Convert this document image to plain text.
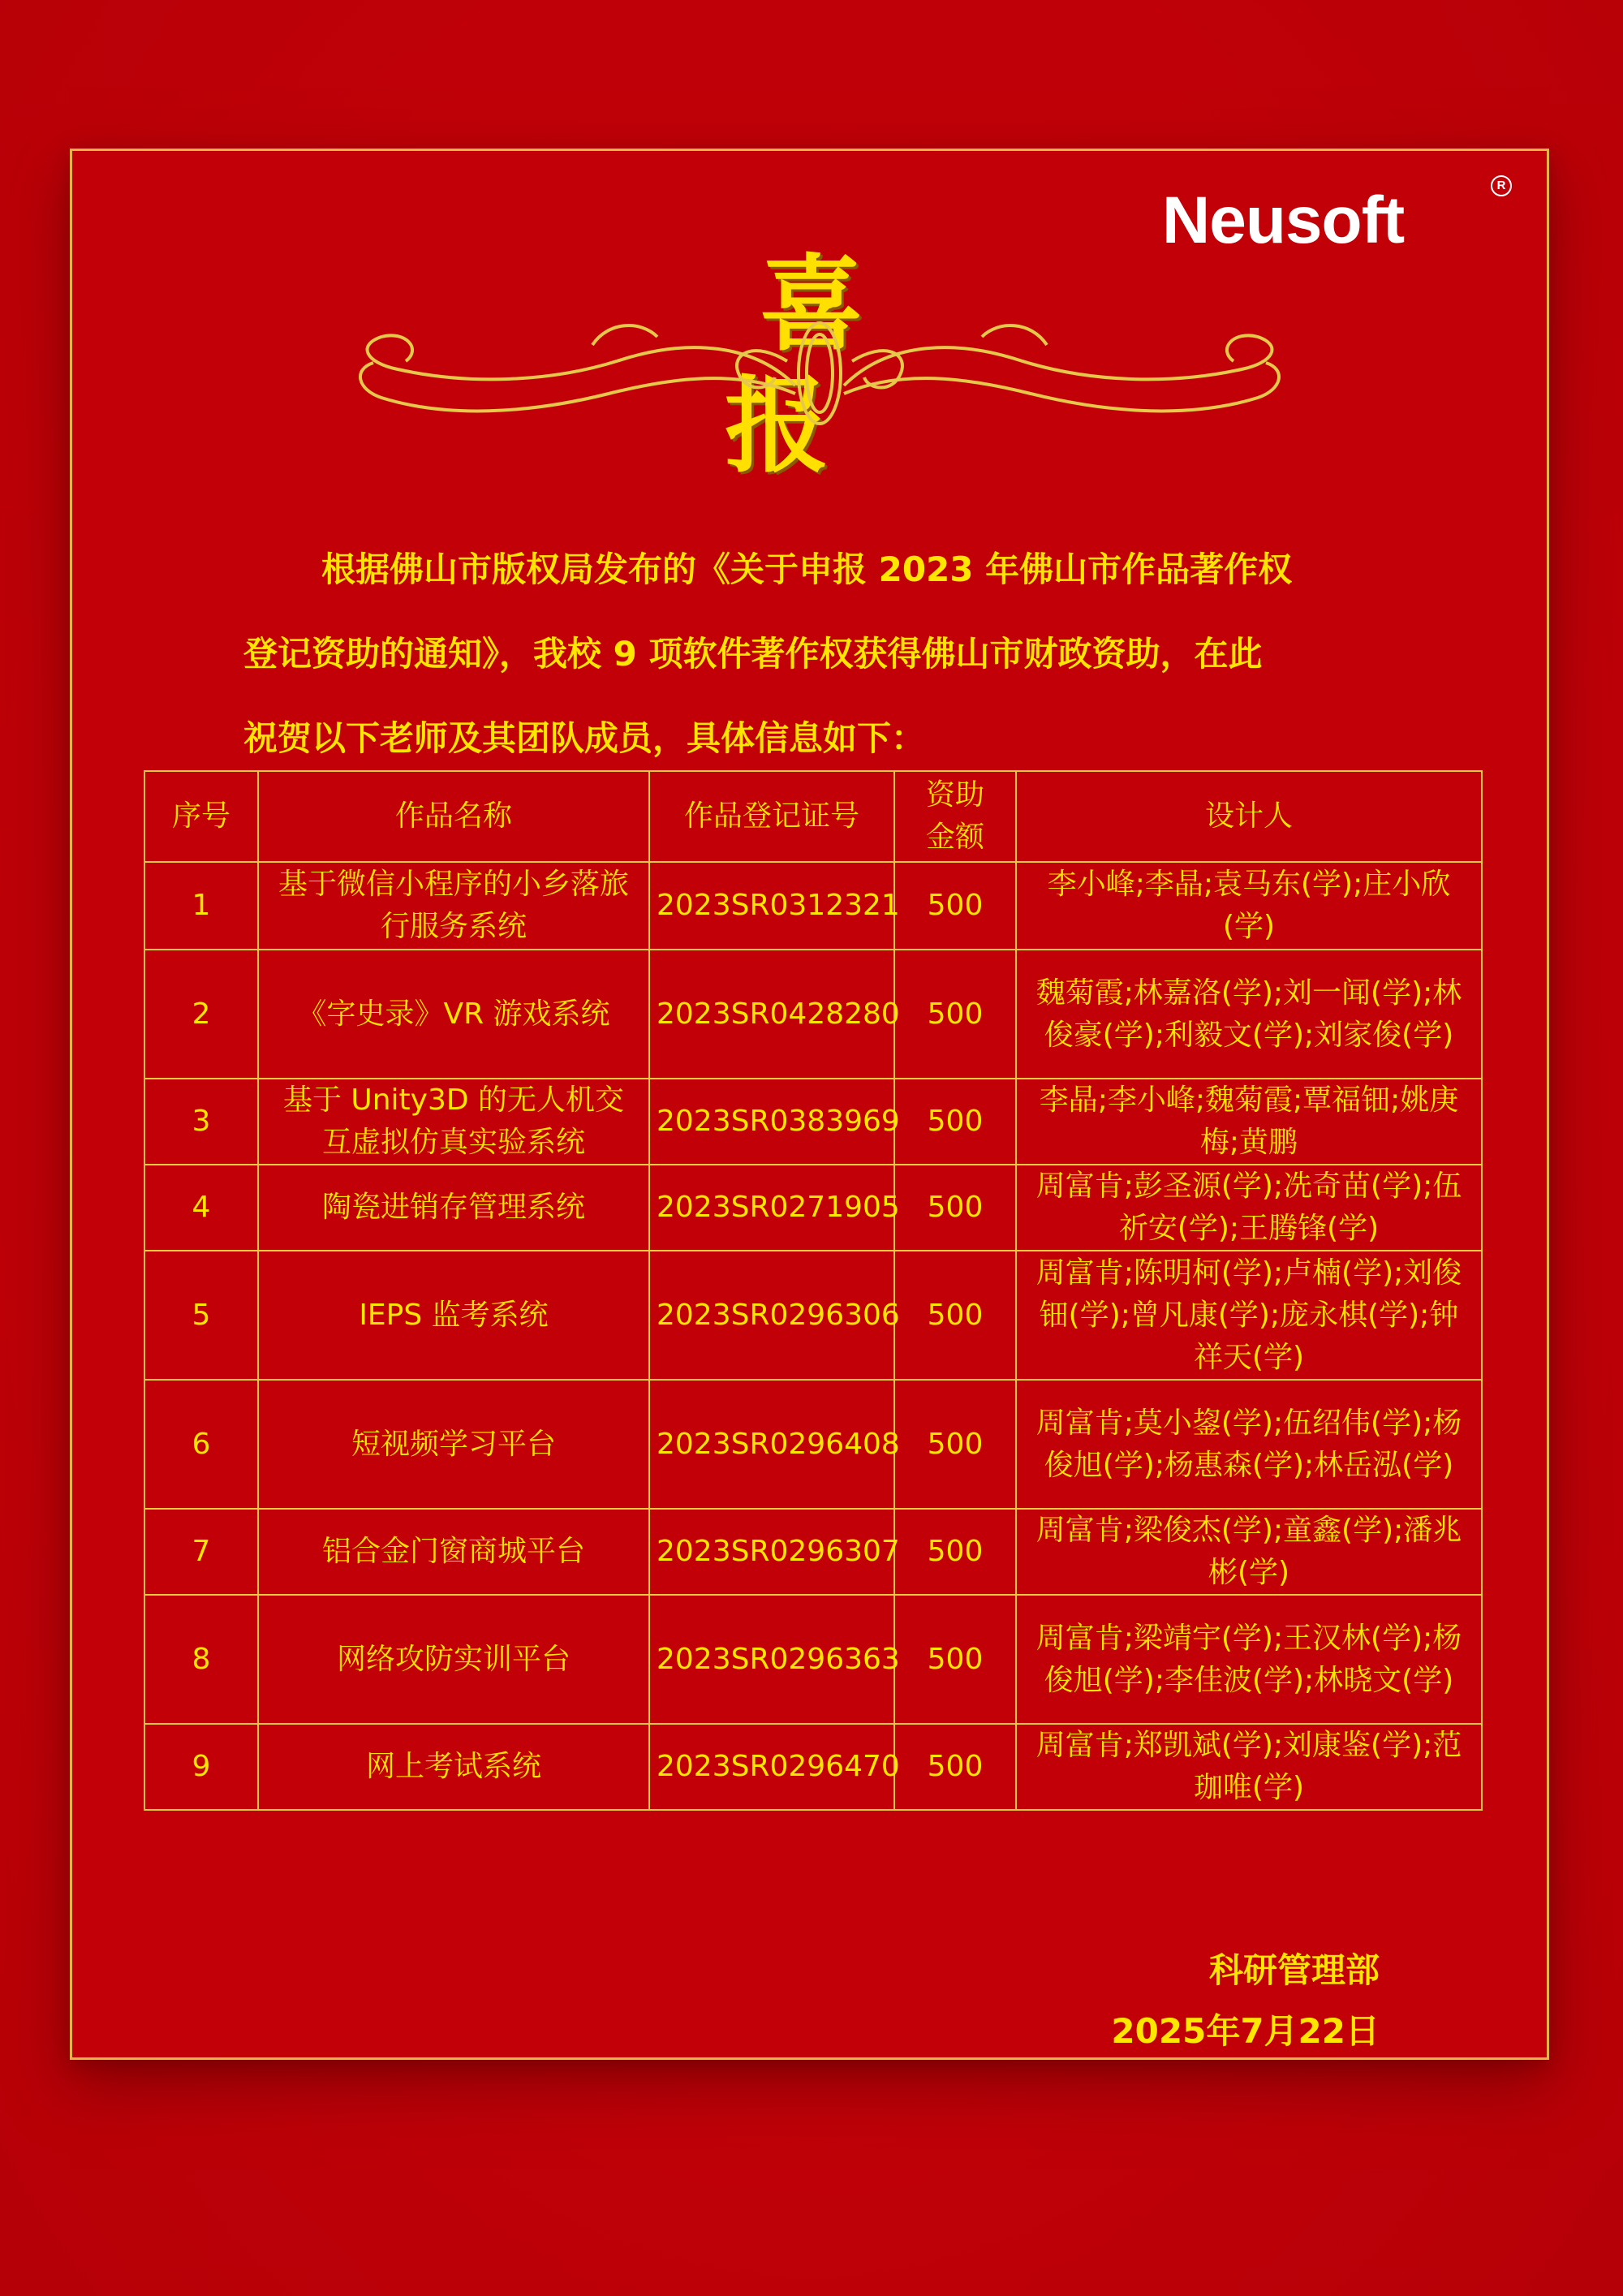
Neusoft	R
喜报
根据佛山市版权局发布的《关于申报 2023 年佛山市作品著作权
登记资助的通知》，我校 9 项软件著作权获得佛山市财政资助，在此
祝贺以下老师及其团队成员，具体信息如下：
序号	作品名称	作品登记证号	资助金额	设计人
1	基于微信小程序的小乡落旅行服务系统	2023SR0312321	500	李小峰;李晶;袁马东(学);庄小欣(学)
2	《字史录》VR 游戏系统	2023SR0428280	500	魏菊霞;林嘉洛(学);刘一闻(学);林俊豪(学);利毅文(学);刘家俊(学)
3	基于 Unity3D 的无人机交互虚拟仿真实验系统	2023SR0383969	500	李晶;李小峰;魏菊霞;覃福钿;姚庚梅;黄鹏
4	陶瓷进销存管理系统	2023SR0271905	500	周富肯;彭圣源(学);冼奇苗(学);伍祈安(学);王腾锋(学)
5	IEPS 监考系统	2023SR0296306	500	周富肯;陈明柯(学);卢楠(学);刘俊钿(学);曾凡康(学);庞永棋(学);钟祥天(学)
6	短视频学习平台	2023SR0296408	500	周富肯;莫小鋆(学);伍绍伟(学);杨俊旭(学);杨惠森(学);林岳泓(学)
7	铝合金门窗商城平台	2023SR0296307	500	周富肯;梁俊杰(学);童鑫(学);潘兆彬(学)
8	网络攻防实训平台	2023SR0296363	500	周富肯;梁靖宇(学);王汉林(学);杨俊旭(学);李佳波(学);林晓文(学)
9	网上考试系统	2023SR0296470	500	周富肯;郑凯斌(学);刘康鉴(学);范珈唯(学)
科研管理部
2025年7月22日
